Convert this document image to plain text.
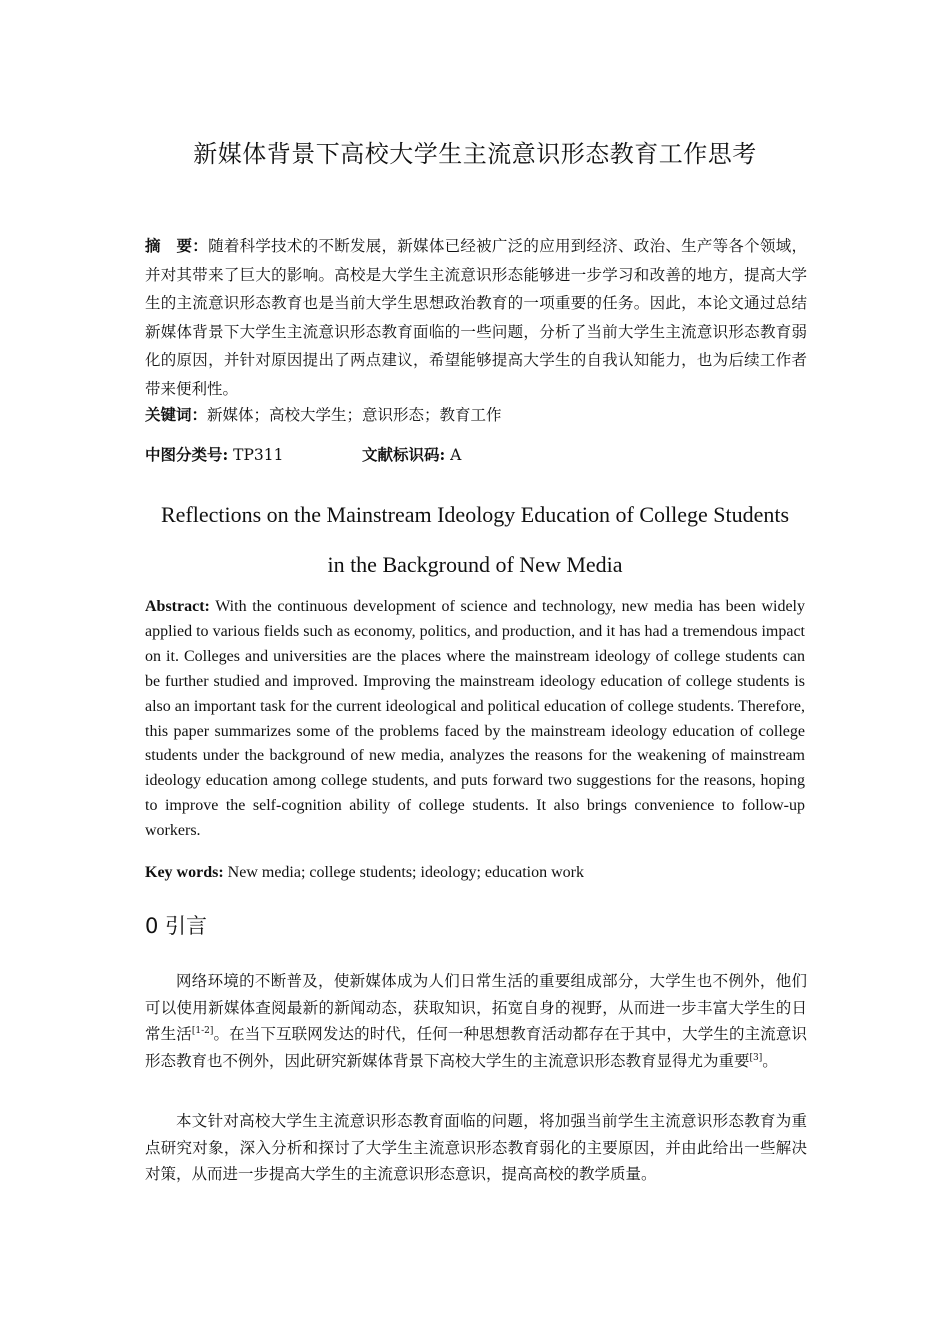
新媒体背景下高校大学生主流意识形态教育工作思考
摘　要：随着科学技术的不断发展，新媒体已经被广泛的应用到经济、政治、生产等各个领域，并对其带来了巨大的影响。高校是大学生主流意识形态能够进一步学习和改善的地方，提高大学生的主流意识形态教育也是当前大学生思想政治教育的一项重要的任务。因此，本论文通过总结新媒体背景下大学生主流意识形态教育面临的一些问题，分析了当前大学生主流意识形态教育弱化的原因，并针对原因提出了两点建议，希望能够提高大学生的自我认知能力，也为后续工作者带来便利性。
关键词：新媒体；高校大学生；意识形态；教育工作
中图分类号: TP311	文献标识码: A
Reflections on the Mainstream Ideology Education of College Students
in the Background of New Media
Abstract: With the continuous development of science and technology, new media has been widely applied to various fields such as economy, politics, and production, and it has had a tremendous impact on it. Colleges and universities are the places where the mainstream ideology of college students can be further studied and improved. Improving the mainstream ideology education of college students is also an important task for the current ideological and political education of college students. Therefore, this paper summarizes some of the problems faced by the mainstream ideology education of college students under the background of new media, analyzes the reasons for the weakening of mainstream ideology education among college students, and puts forward two suggestions for the reasons, hoping to improve the self-cognition ability of college students. It also brings convenience to follow-up workers.
Key words: New media; college students; ideology; education work
0 引言
网络环境的不断普及，使新媒体成为人们日常生活的重要组成部分，大学生也不例外，他们可以使用新媒体查阅最新的新闻动态，获取知识，拓宽自身的视野，从而进一步丰富大学生的日常生活[1-2]。在当下互联网发达的时代，任何一种思想教育活动都存在于其中，大学生的主流意识形态教育也不例外，因此研究新媒体背景下高校大学生的主流意识形态教育显得尤为重要[3]。
本文针对高校大学生主流意识形态教育面临的问题，将加强当前学生主流意识形态教育为重点研究对象，深入分析和探讨了大学生主流意识形态教育弱化的主要原因，并由此给出一些解决对策，从而进一步提高大学生的主流意识形态意识，提高高校的教学质量。
